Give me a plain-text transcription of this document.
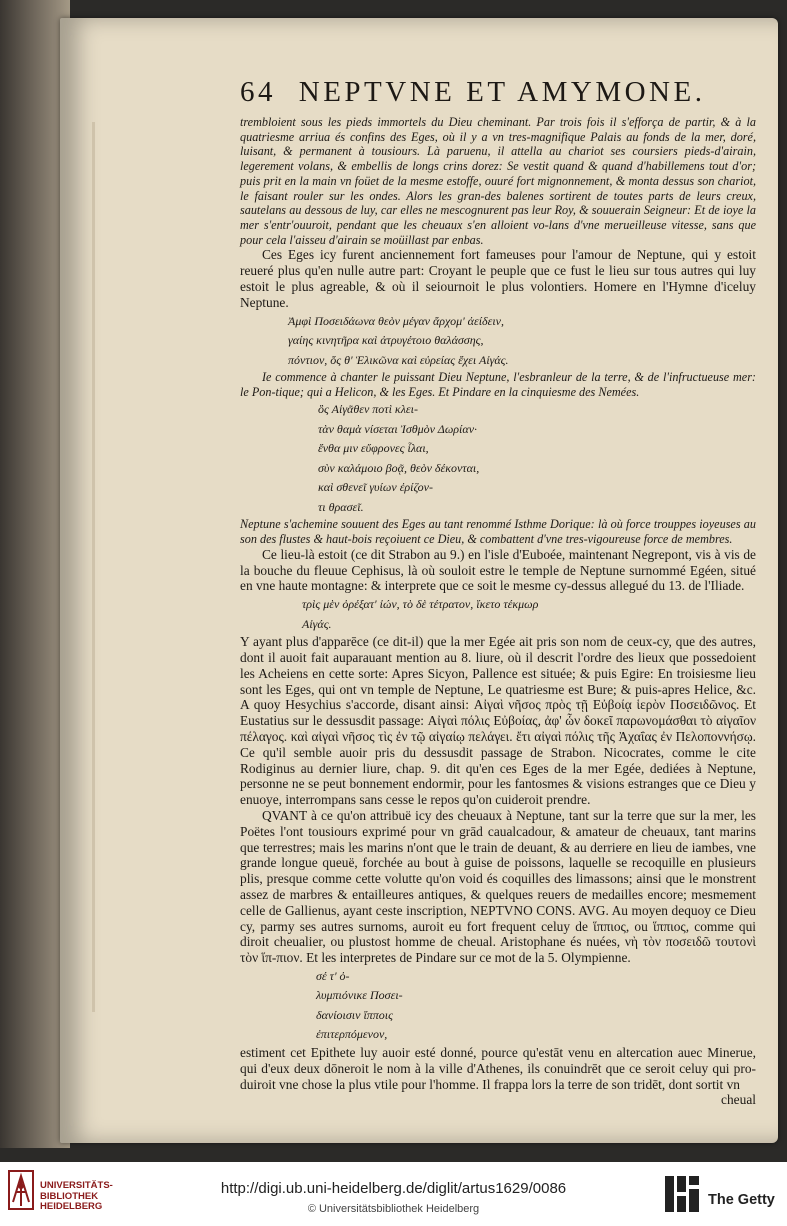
64 NEPTVNE ET AMYMONE.

trembloient sous les pieds immortels du Dieu cheminant. Par trois fois il s'efforça de partir, & à la quatriesme arriua és confins des Eges, où il y a vn tres-magnifique Palais au fonds de la mer, doré, luisant, & permanent à tousiours. Là paruenu, il attella au chariot ses coursiers pieds-d'airain, legerement volans, & embellis de longs crins dorez: Se vestit quand & quand d'habillemens tout d'or; puis prit en la main vn foüet de la mesme estoffe, ouuré fort mignonnement, & monta dessus son chariot, le faisant rouler sur les ondes. Alors les gran-des balenes sortirent de toutes parts de leurs creux, sautelans au dessous de luy, car elles ne mescognurent pas leur Roy, & souuerain Seigneur: Et de ioye la mer s'entr'ouuroit, pendant que les cheuaux s'en alloient vo-lans d'vne merueilleuse vitesse, sans que pour cela l'aisseu d'airain se moüillast par enbas.

Ces Eges icy furent anciennement fort fameuses pour l'amour de Neptune, qui y estoit reueré plus qu'en nulle autre part: Croyant le peuple que ce fust le lieu sur tous autres qui luy estoit le plus agreable, & où il seiournoit le plus volontiers. Homere en l'Hymne d'iceluy Neptune.

Ἀμφὶ Ποσειδάωνα θεὸν μέγαν ἄρχομ' ἀείδειν,

γαίης κινητῆρα καὶ ἀτρυγέτοιο θαλάσσης,

πόντιον, ὅς θ' Ἑλικῶνα καὶ εὐρείας ἔχει Αἰγάς.

Ie commence à chanter le puissant Dieu Neptune, l'esbranleur de la terre, & de l'infructueuse mer: le Pon-tique; qui a Helicon, & les Eges. Et Pindare en la cinquiesme des Nemées.

ὃς Αἰγᾶθεν ποτὶ κλει-

τὰν θαμὰ νίσεται Ἰσθμὸν Δωρίαν·

ἔνθα μιν εὔφρονες ἶλαι,

σὺν καλάμοιο βοᾷ, θεὸν δέκονται,

καὶ σθενεῖ γυίων ἐρίζον-

τι θρασεῖ.

Neptune s'achemine souuent des Eges au tant renommé Isthme Dorique: là où force trouppes ioyeuses au son des flustes & haut-bois reçoiuent ce Dieu, & combattent d'vne tres-vigoureuse force de membres.

Ce lieu-là estoit (ce dit Strabon au 9.) en l'isle d'Euboée, maintenant Negrepont, vis à vis de la bouche du fleuue Cephisus, là où souloit estre le temple de Neptune surnommé Egéen, situé en vne haute montagne: & interprete que ce soit le mesme cy-dessus allegué du 13. de l'Iliade.

τρὶς μὲν ὀρέξατ' ἰών, τὸ δὲ τέτρατον, ἵκετο τέκμωρ

Αἰγάς.

Y ayant plus d'apparēce (ce dit-il) que la mer Egée ait pris son nom de ceux-cy, que des autres, dont il auoit fait auparauant mention au 8. liure, où il descrit l'ordre des lieux que possedoient les Acheiens en cette sorte: Apres Sicyon, Pallence est située; & puis Egire: En troisiesme lieu sont les Eges, qui ont vn temple de Neptune, Le quatriesme est Bure; & puis-apres Helice, &c. A quoy Hesychius s'accorde, disant ainsi: Αἰγαὶ νῆσος πρὸς τῇ Εὐβοίᾳ ἱερὸν Ποσειδῶνος. Et Eustatius sur le dessusdit passage: Αἰγαὶ πόλις Εὐβοίας, ἀφ' ὧν δοκεῖ παρωνομάσθαι τὸ αἰγαῖον πέλαγος. καὶ αἰγαὶ νῆσος τὶς ἐν τῷ αἰγαίῳ πελάγει. ἔτι αἰγαὶ πόλις τῆς Ἀχαΐας ἐν Πελοποννήσῳ. Ce qu'il semble auoir pris du dessusdit passage de Strabon. Nicocrates, comme le cite Rodiginus au dernier liure, chap. 9. dit qu'en ces Eges de la mer Egée, dediées à Neptune, personne ne se peut bonnement endormir, pour les fantosmes & visions estranges que ce Dieu y enuoye, interrompans sans cesse le repos qu'on cuideroit prendre.

QVANT à ce qu'on attribuë icy des cheuaux à Neptune, tant sur la terre que sur la mer, les Poëtes l'ont tousiours exprimé pour vn grād caualcadour, & amateur de cheuaux, tant marins que terrestres; mais les marins n'ont que le train de deuant, & au derriere en lieu de iambes, vne grande longue queuë, forchée au bout à guise de poissons, laquelle se recoquille en plusieurs plis, presque comme cette volutte qu'on void és coquilles des limassons; ainsi que le monstrent assez de marbres & entailleures antiques, & quelques reuers de medailles encore; mesmement celle de Gallienus, ayant ceste inscription, NEPTVNO CONS. AVG. Au moyen dequoy ce Dieu cy, parmy ses autres surnoms, auroit eu fort frequent celuy de ἵππιος, ou ἵππιος, comme qui diroit cheualier, ou plustost homme de cheual. Aristophane és nuées, νὴ τὸν ποσειδῶ τουτονὶ τὸν ἵπ-πιον. Et les interpretes de Pindare sur ce mot de la 5. Olympienne.

σέ τ' ὀ-

λυμπιόνικε Ποσει-

δανίοισιν ἵπποις

ἐπιτερπόμενον,

estiment cet Epithete luy auoir esté donné, pource qu'estāt venu en altercation auec Minerue, qui d'eux deux dōneroit le nom à la ville d'Athenes, ils conuindrēt que ce seroit celuy qui pro-duiroit vne chose la plus vtile pour l'homme. Il frappa lors la terre de son tridēt, dont sortit vn

cheual

UNIVERSITÄTS-
BIBLIOTHEK
HEIDELBERG
http://digi.ub.uni-heidelberg.de/diglit/artus1629/0086
© Universitätsbibliothek Heidelberg
The Getty
